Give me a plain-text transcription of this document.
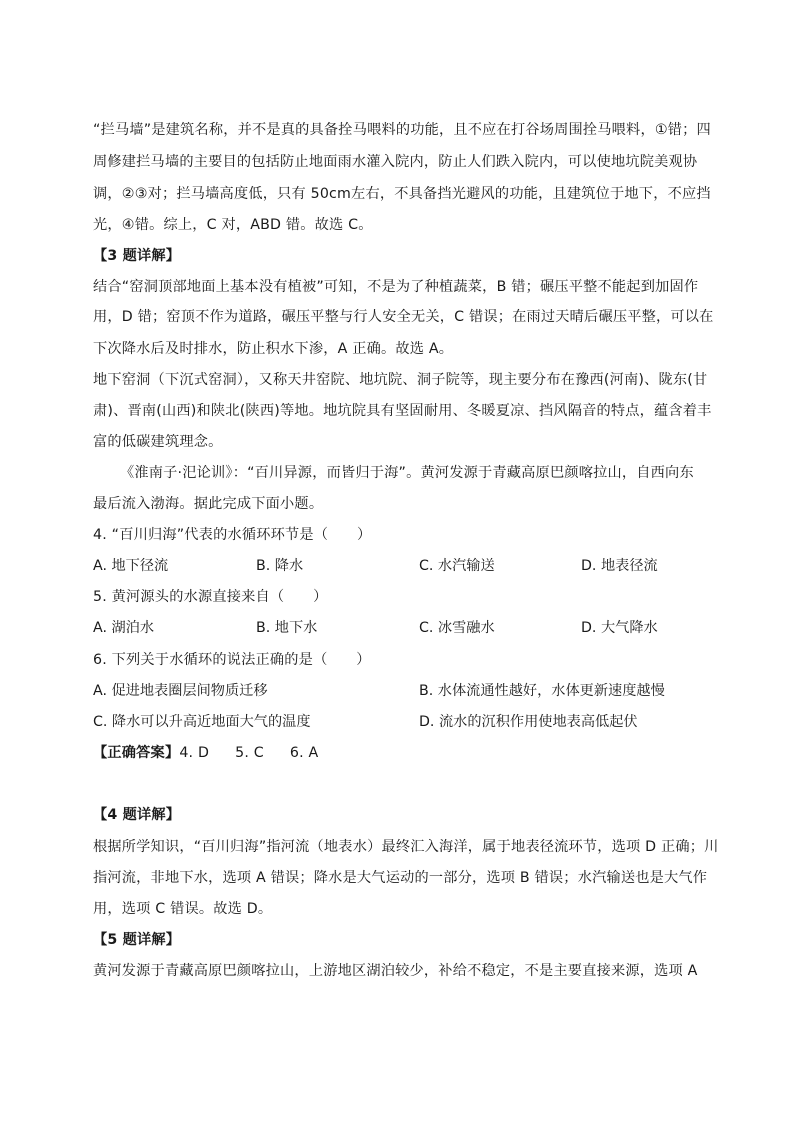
“拦马墙”是建筑名称，并不是真的具备拴马喂料的功能，且不应在打谷场周围拴马喂料，①错；四
周修建拦马墙的主要目的包括防止地面雨水灌入院内，防止人们跌入院内，可以使地坑院美观协
调，②③对；拦马墙高度低，只有 50cm左右，不具备挡光避风的功能，且建筑位于地下，不应挡
光，④错。综上，C 对，ABD 错。故选 C。
【3 题详解】
结合“窑洞顶部地面上基本没有植被”可知，不是为了种植蔬菜，B 错；碾压平整不能起到加固作
用，D 错；窑顶不作为道路，碾压平整与行人安全无关，C 错误；在雨过天晴后碾压平整，可以在
下次降水后及时排水，防止积水下渗，A 正确。故选 A。
地下窑洞（下沉式窑洞），又称天井窑院、地坑院、洞子院等，现主要分布在豫西(河南)、陇东(甘
肃)、晋南(山西)和陕北(陕西)等地。地坑院具有坚固耐用、冬暖夏凉、挡风隔音的特点，蕴含着丰
富的低碳建筑理念。
《淮南子·汜论训》：“百川异源，而皆归于海”。黄河发源于青藏高原巴颜喀拉山，自西向东
最后流入渤海。据此完成下面小题。
4. “百川归海”代表的水循环环节是（　　）
A. 地下径流	B. 降水	C. 水汽输送	D. 地表径流
5. 黄河源头的水源直接来自（　　）
A. 湖泊水	B. 地下水	C. 冰雪融水	D. 大气降水
6. 下列关于水循环的说法正确的是（　　）
A. 促进地表圈层间物质迁移	B. 水体流通性越好，水体更新速度越慢
C. 降水可以升高近地面大气的温度	D. 流水的沉积作用使地表高低起伏
【正确答案】4. D 5. C 6. A
【4 题详解】
根据所学知识，“百川归海”指河流（地表水）最终汇入海洋，属于地表径流环节，选项 D 正确；川
指河流，非地下水，选项 A 错误；降水是大气运动的一部分，选项 B 错误；水汽输送也是大气作
用，选项 C 错误。故选 D。
【5 题详解】
黄河发源于青藏高原巴颜喀拉山，上游地区湖泊较少，补给不稳定，不是主要直接来源，选项 A
